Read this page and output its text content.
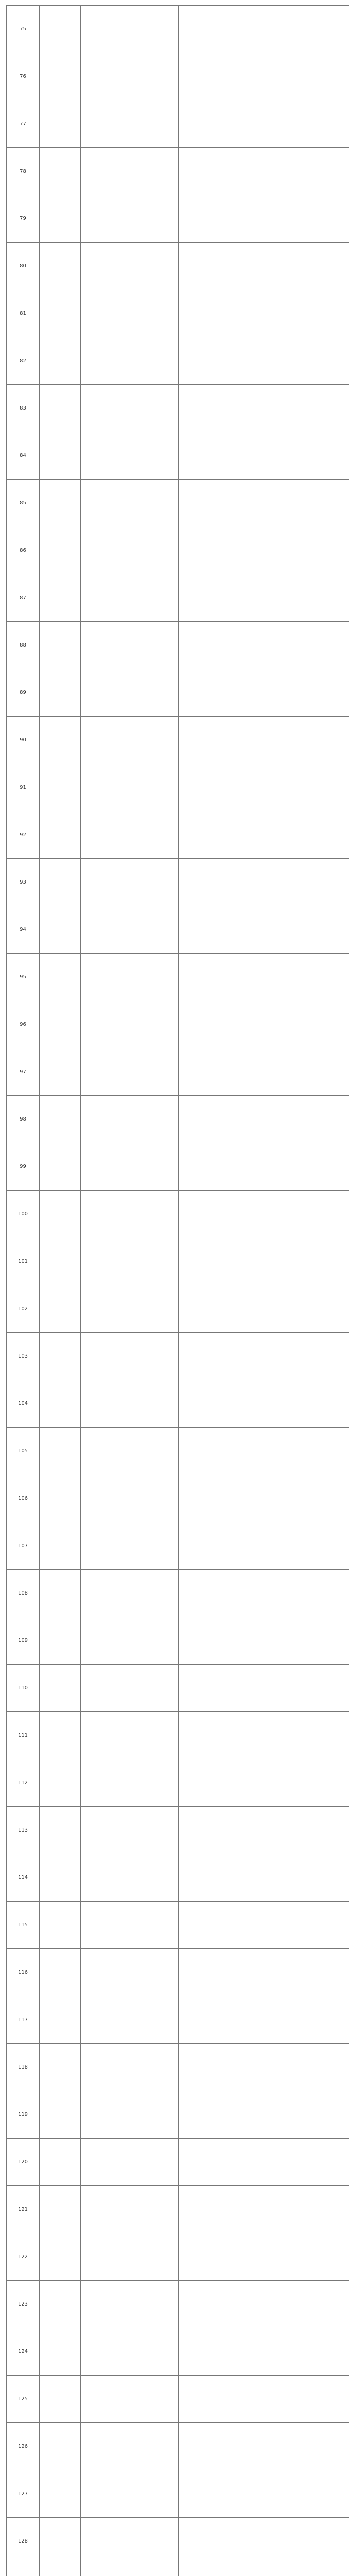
75							
76							
77							
78							
79							
80							
81							
82							
83							
84							
85							
86							
87							
88							
89							
90							
91							
92							
93							
94							
95							
96							
97							
98							
99							
100							
101							
102							
103							
104							
105							
106							
107							
108							
109							
110							
111							
112							
113							
114							
115							
116							
117							
118							
119							
120							
121							
122							
123							
124							
125							
126							
127							
128							
